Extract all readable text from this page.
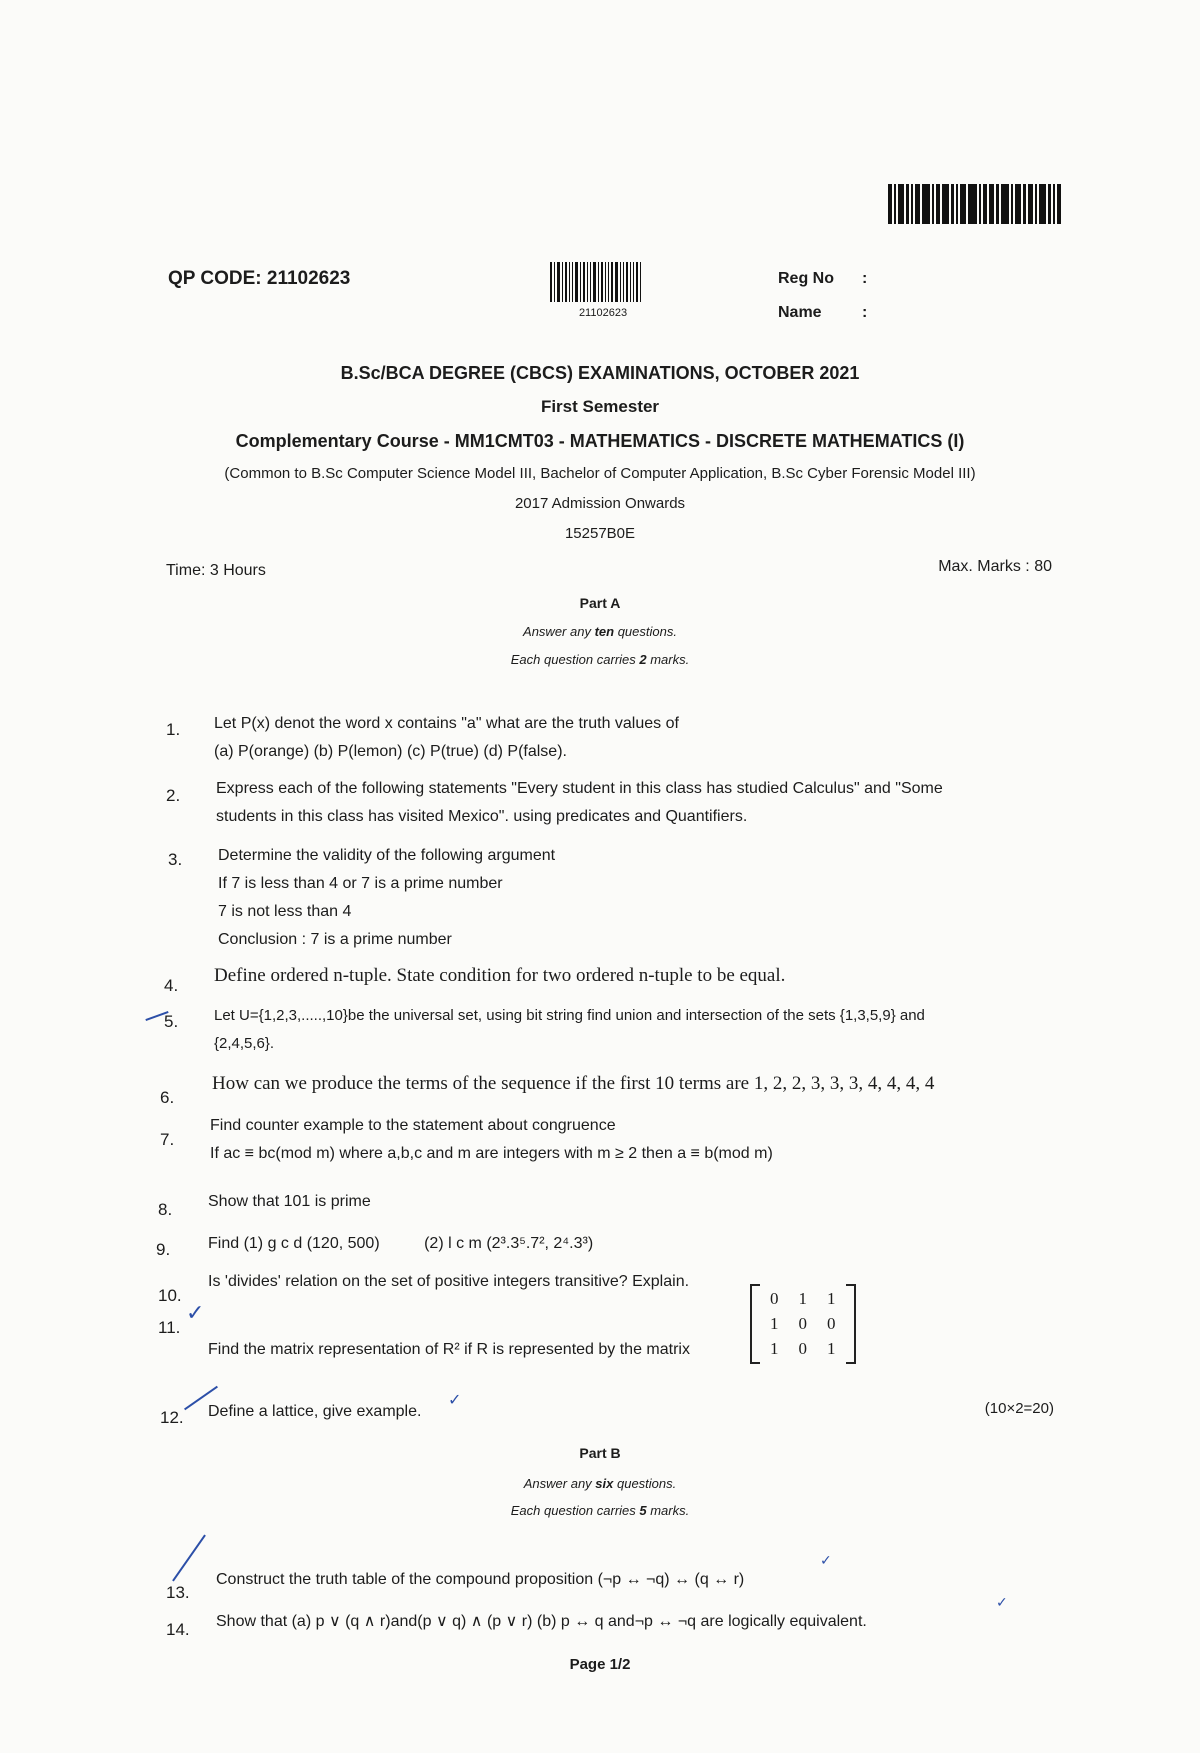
QP CODE: 21102623
21102623
Reg No :
Name	:
B.Sc/BCA DEGREE (CBCS) EXAMINATIONS, OCTOBER 2021
First Semester
Complementary Course - MM1CMT03 - MATHEMATICS - DISCRETE MATHEMATICS (I)
(Common to B.Sc Computer Science Model III, Bachelor of Computer Application, B.Sc Cyber Forensic Model III)
2017 Admission Onwards
15257B0E
Time: 3 Hours	Max. Marks : 80
Part A
Answer any ten questions.
Each question carries 2 marks.
1. Let P(x) denot the word x contains "a" what are the truth values of
(a) P(orange) (b) P(lemon) (c) P(true) (d) P(false).
2. Express each of the following statements "Every student in this class has studied Calculus" and "Some
students in this class has visited Mexico". using predicates and Quantifiers.
3. Determine the validity of the following argument
If 7 is less than 4 or 7 is a prime number
7 is not less than 4
Conclusion : 7 is a prime number
4. Define ordered n-tuple. State condition for two ordered n-tuple to be equal.
5. Let U={1,2,3,.....,10}be the universal set, using bit string find union and intersection of the sets {1,3,5,9} and
{2,4,5,6}.
6.
How can we produce the terms of the sequence if the first 10 terms are 1, 2, 2, 3, 3, 3, 4, 4, 4, 4
7.
Find counter example to the statement about congruence
If ac ≡ bc(mod m) where a,b,c and m are integers with m ≥ 2 then a ≡ b(mod m)
8. Show that 101 is prime
9. Find (1) g c d (120, 500)          (2) l c m (2³.3⁵.7², 2⁴.3³)
10.
Is 'divides' relation on the set of positive integers transitive? Explain.
11.
Find the matrix representation of R² if R is represented by the matrix
0	1	1
1	0	0
1	0	1
12. Define a lattice, give example.	(10×2=20)
Part B
Answer any six questions.
Each question carries 5 marks.
13.
Construct the truth table of the compound proposition (¬p ↔ ¬q) ↔ (q ↔ r)
14. Show that (a) p ∨ (q ∧ r)and(p ∨ q) ∧ (p ∨ r) (b) p ↔ q and¬p ↔ ¬q are logically equivalent.
Page 1/2
✓
✓
✓
✓
